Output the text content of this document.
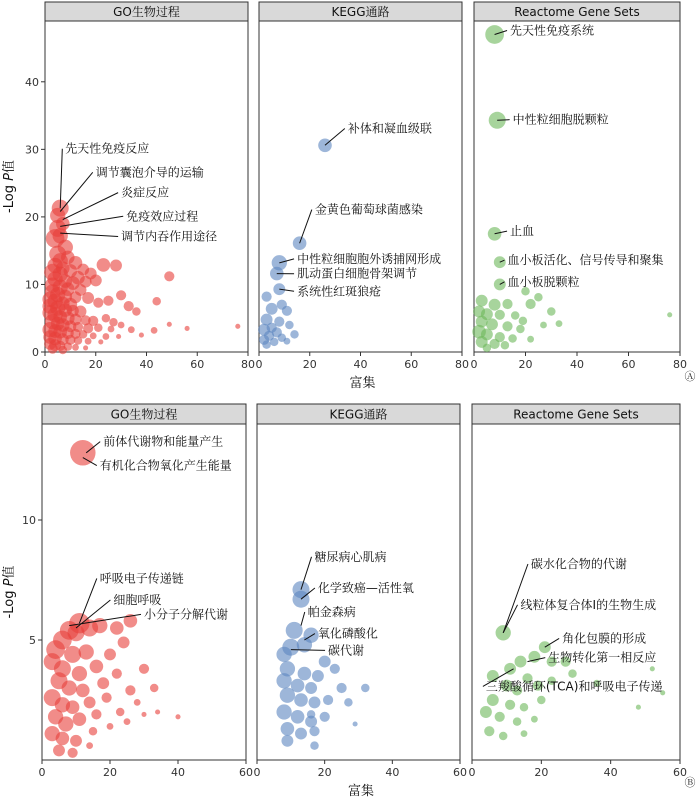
GO生物过程
0	20	40	60	80
0
10
20
30
40
先天性免疫反应
调节囊泡介导的运输
炎症反应
免疫效应过程
调节内吞作用途径
KEGG通路
0	20	40	60	80
补体和凝血级联
金黄色葡萄球菌感染
中性粒细胞胞外诱捕网形成
肌动蛋白细胞骨架调节
系统性红斑狼疮
Reactome Gene Sets
0	20	40	60	80
先天性免疫系统
中性粒细胞脱颗粒
止血
血小板活化、信号传导和聚集
血小板脱颗粒
富集
-Log P值
Ⓐ
GO生物过程
0	20	40	60
5
10
前体代谢物和能量产生
有机化合物氧化产生能量
呼吸电子传递链
细胞呼吸
小分子分解代谢
KEGG通路
0	20	40	60
糖尿病心肌病
化学致癌—活性氧
帕金森病
氧化磷酸化
碳代谢
Reactome Gene Sets
0	20	40	60
碳水化合物的代谢
线粒体复合体I的生物生成
角化包膜的形成
生物转化第一相反应
三羧酸循环(TCA)和呼吸电子传递
富集
-Log P值
Ⓑ
